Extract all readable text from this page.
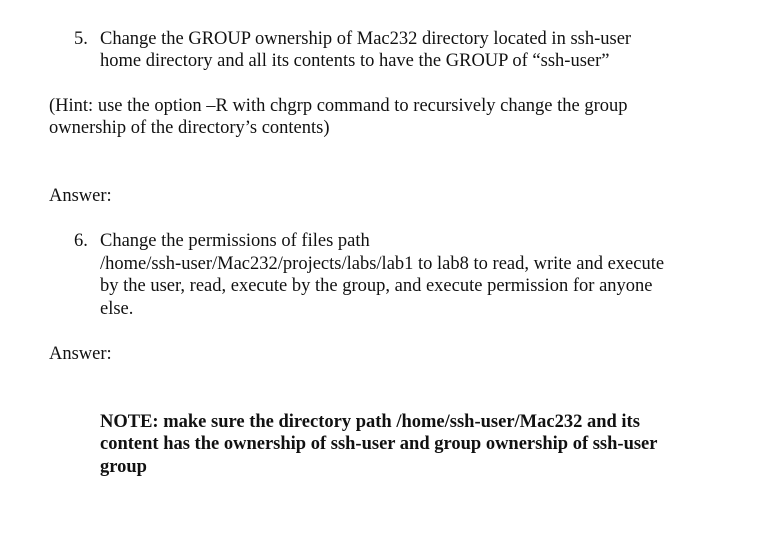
5. Change the GROUP ownership of Mac232 directory located in ssh-user
home directory and all its contents to have the GROUP of “ssh-user”
(Hint: use the option –R with chgrp command to recursively change the group
ownership of the directory’s contents)
Answer:
6. Change the permissions of files path
/home/ssh-user/Mac232/projects/labs/lab1 to lab8 to read, write and execute
by the user, read, execute by the group, and execute permission for anyone
else.
Answer:
NOTE: make sure the directory path /home/ssh-user/Mac232 and its
content has the ownership of ssh-user and group ownership of ssh-user
group
